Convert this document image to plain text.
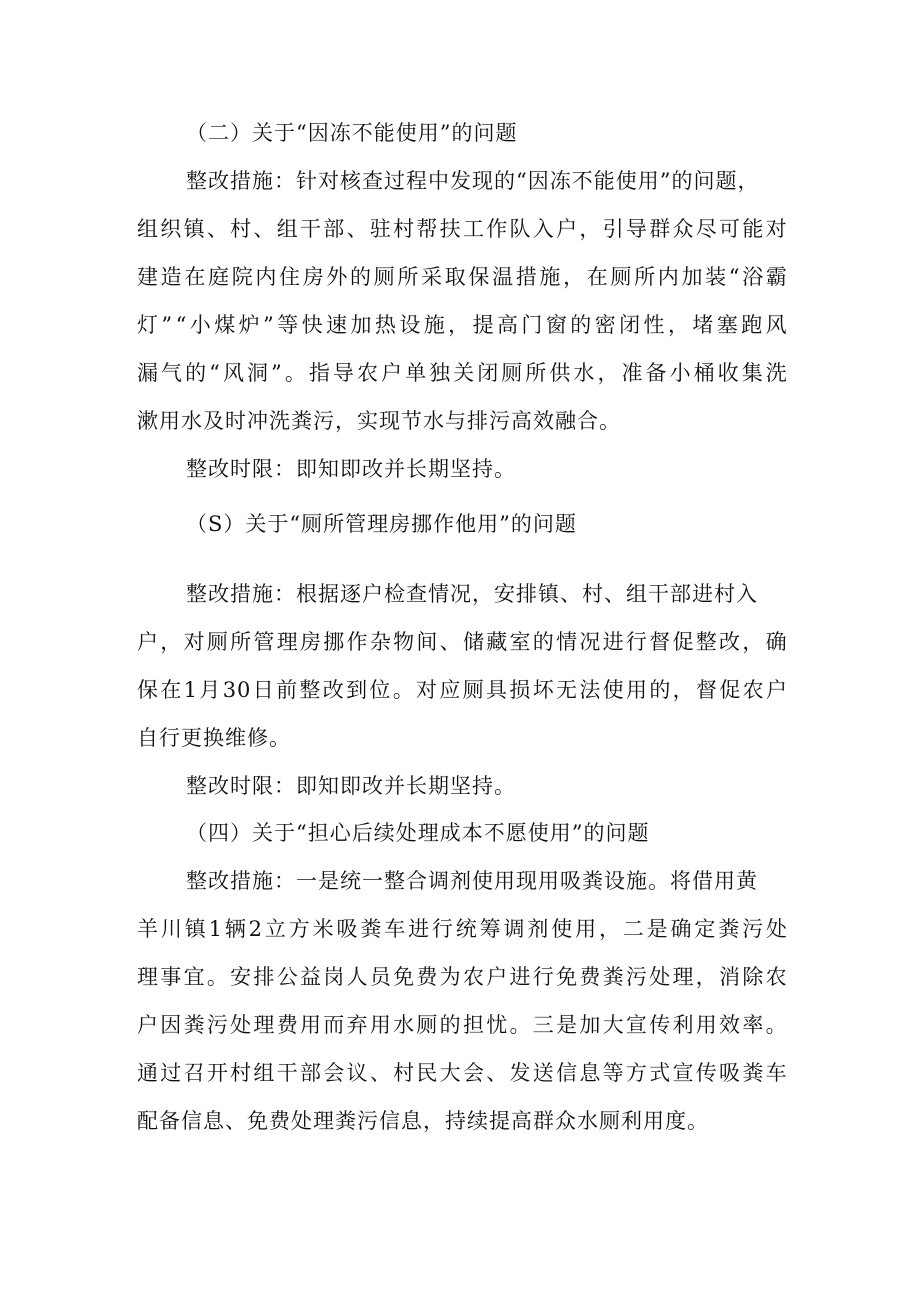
（二）关于“因冻不能使用”的问题
整改措施：针对核查过程中发现的“因冻不能使用”的问题，
组 织 镇 、 村 、 组 干 部 、 驻 村 帮 扶 工 作 队 入 户 ， 引 导 群 众 尽 可 能 对
建 造 在 庭 院 内 住 房 外 的 厕 所 采 取 保 温 措 施 ， 在 厕 所 内 加 装 “ 浴 霸
灯 ” “ 小 煤 炉 ” 等 快 速 加 热 设 施 ， 提 高 门 窗 的 密 闭 性 ， 堵 塞 跑 风
漏 气 的 “ 风 洞 ” 。 指 导 农 户 单 独 关 闭 厕 所 供 水 ， 准 备 小 桶 收 集 洗
漱用水及时冲洗粪污，实现节水与排污高效融合。
整改时限：即知即改并长期坚持。
（S）关于“厕所管理房挪作他用”的问题
整改措施：根据逐户检查情况，安排镇、村、组干部进村入
户 ， 对 厕 所 管 理 房 挪 作 杂 物 间 、 储 藏 室 的 情 况 进 行 督 促 整 改 ， 确
保 在 1 月 30 日 前 整 改 到 位 。 对 应 厕 具 损 坏 无 法 使 用 的 ， 督 促 农 户
自行更换维修。
整改时限：即知即改并长期坚持。
（四）关于“担心后续处理成本不愿使用”的问题
整改措施：一是统一整合调剂使用现用吸粪设施。将借用黄
羊 川 镇 1 辆 2 立 方 米 吸 粪 车 进 行 统 筹 调 剂 使 用 ， 二 是 确 定 粪 污 处
理 事 宜 。 安 排 公 益 岗 人 员 免 费 为 农 户 进 行 免 费 粪 污 处 理 ， 消 除 农
户 因 粪 污 处 理 费 用 而 弃 用 水 厕 的 担 忧 。 三 是 加 大 宣 传 利 用 效 率 。
通 过 召 开 村 组 干 部 会 议 、 村 民 大 会 、 发 送 信 息 等 方 式 宣 传 吸 粪 车
配备信息、免费处理粪污信息，持续提高群众水厕利用度。
